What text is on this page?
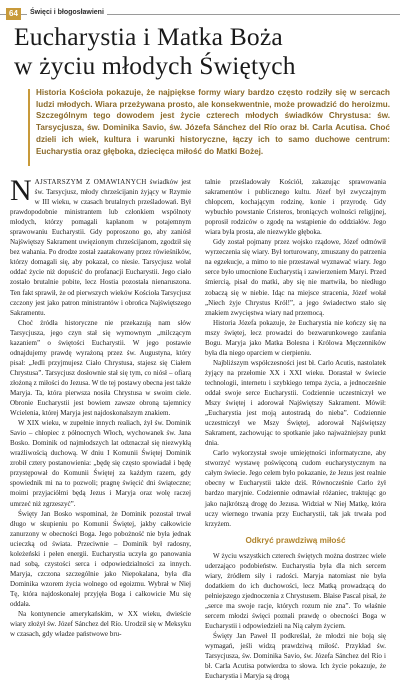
64	Święci i błogosławieni
Eucharystia i Matka Boża
w życiu młodych Świętych

Historia Kościoła pokazuje, że najpiękse formy wiary bardzo często rodziły się w sercach ludzi młodych. Wiara przeżywana prosto, ale konsekwentnie, może prowadzić do heroizmu. Szczególnym tego dowodem jest życie czterech młodych świadków Chrystusa: św. Tarsycjusza, św. Dominika Savio, św. Józefa Sánchez del Río oraz bł. Carla Acutisa. Choć dzieli ich wiek, kultura i warunki historyczne, łączy ich to samo duchowe centrum: Eucharystia oraz głęboka, dziecięca miłość do Matki Bożej.

NAJSTARSZYM Z OMAWIANYCH świadków jest św. Tarsycjusz, młody chrześcijanin żyjący w Rzymie w III wieku, w czasach brutalnych prześladowań. Był prawdopodobnie ministrantem lub członkiem wspólnoty młodych, którzy pomagali kapłanom w potajemnym sprawowaniu Eucharystii. Gdy poproszono go, aby zaniósł Najświętszy Sakrament uwięzionym chrześcijanom, zgodził się bez wahania. Po drodze został zaatakowany przez rówieśników, którzy domagali się, aby pokazał, co niesie. Tarsycjusz wolał oddać życie niż dopuścić do profanacji Eucharystii. Jego ciało zostało brutalnie pobite, lecz Hostia pozostała nienaruszona. Ten fakt sprawił, że od pierwszych wieków Kościoła Tarsycjusz czczony jest jako patron ministrantów i obrońca Najświętszego Sakramentu.

Choć źródła historyczne nie przekazują nam słów Tarsycjusza, jego czyn stał się wymownym „milczącym kazaniem” o świętości Eucharystii. W jego postawie odnajdujemy prawdę wyrażoną przez św. Augustyna, który pisał: „Jedli przyjmujesz Ciało Chrystusa, stajesz się Ciałem Chrystusa”. Tarsycjusz dosłownie stał się tym, co niósł – ofiarą złożoną z miłości do Jezusa. W tle tej postawy obecna jest także Maryja. Ta, która pierwsza nosiła Chrystusa w swoim ciele. Obronie Eucharystii jest bowiem zawsze obroną tajemnicy Wcielenia, której Maryja jest najdoskonalszym znakiem.

W XIX wieku, w zupełnie innych realiach, żył św. Dominik Savio – chłopiec z północnych Włoch, wychowanek św. Jana Bosko. Dominik od najmłodszych lat odznaczał się niezwykłą wrażliwością duchową. W dniu I Komunii Świętej Dominik zrobił cztery postanowienia: „będę się często spowiadał i będę przystępował do Komunii Świętej za każdym razem, gdy spowiednik mi na to pozwoli; pragnę święcić dni świąteczne; moimi przyjaciółmi będą Jezus i Maryja oraz wolę raczej umrzeć niż zgrzeszyć”.

Święty Jan Bosko wspominał, że Dominik pozostał trwał długo w skupieniu po Komunii Świętej, jakby całkowicie zanurzony w obecności Boga. Jego pobożność nie była jednak ucieczką od świata. Przeciwnie – Dominik był radosny, koleżeński i pełen energii. Eucharystia uczyła go panowania nad sobą, czystości serca i odpowiedzialności za innych. Maryja, czczona szczególnie jako Niepokalana, była dla Dominika wzorem życia wolnego od egoizmu. Wybrał w Niej Tę, która najdoskonalej przyjęła Boga i całkowicie Mu się oddała.

Na kontynencie amerykańskim, w XX wieku, dwieście wiary złożył św. Józef Sánchez del Río. Urodził się w Meksyku w czasach, gdy władze państwowe bru-

talnie prześladowały Kościół, zakazując sprawowania sakramentów i publicznego kultu. Józef był zwyczajnym chłopcem, kochającym rodzinę, konie i przyrodę. Gdy wybuchło powstanie Cristeros, broniących wolności religijnej, poprosił rodziców o zgodę na wstąpienie do oddziałów. Jego wiara była prosta, ale niezwykle głęboka.

Gdy został pojmany przez wojsko rządowe, Józef odmówił wyrzeczenia się wiary. Był torturowany, zmuszany do patrzenia na egzekucje, a mimo to nie przestawał wyznawać wiary. Jego serce było umocnione Eucharystią i zawierzeniem Maryi. Przed śmiercią, pisał do matki, aby się nie martwiła, bo niedługo zobaczą się w niebie. Idąc na miejsce stracenia, Józef wołał „Niech żyje Chrystus Król!”, a jego świadectwo stało się znakiem zwycięstwa wiary nad przemocą.

Historia Józefa pokazuje, że Eucharystia nie kończy się na mszy świętej, lecz prowadzi do bezwarunkowego zaufania Bogu. Maryja jako Matka Bolesna i Królowa Męczenników była dla niego oparciem w cierpieniu.

Najbliższym współczesności jest bł. Carlo Acutis, nastolatek żyjący na przełomie XX i XXI wieku. Dorastał w świecie technologii, internetu i szybkiego tempa życia, a jednocześnie oddał swoje serce Eucharystii. Codziennie uczestniczył we Mszy świętej i adorował Najświętszy Sakrament. Mówił: „Eucharystia jest moją autostradą do nieba”. Codziennie uczestniczył we Mszy Świętej, adorował Najświętszy Sakrament, zachowując to spotkanie jako najważniejszy punkt dnia.

Carlo wykorzystał swoje umiejętności informatyczne, aby stworzyć wystawę poświęconą cudom eucharystycznym na całym świecie. Jego celem było pokazanie, że Jezus jest realnie obecny w Eucharystii także dziś. Równocześnie Carlo żył bardzo maryjnie. Codziennie odmawiał różaniec, traktując go jako najkrótszą drogę do Jezusa. Widział w Niej Matkę, która uczy wiernego trwania przy Eucharystii, tak jak trwała pod krzyżem.

Odkryć prawdziwą miłość

W życiu wszystkich czterech świętych można dostrzec wiele uderzająco podobieństw. Eucharystia była dla nich sercem wiary, źródłem siły i radości. Maryja natomiast nie była dodatkiem do ich duchowości, lecz Matką prowadzącą do pełniejszego zjednoczenia z Chrystusem. Blaise Pascal pisał, że „serce ma swoje racje, których rozum nie zna”. To właśnie sercem młodzi święci poznali prawdę o obecności Boga w Eucharystii i odpowiedzieli na Nią całym życiem.

Święty Jan Paweł II podkreślał, że młodzi nie boją się wymagań, jeśli widzą prawdziwą miłość. Przykład św. Tarsycjusza, św. Dominika Savio, św. Józefa Sánchez del Río i bł. Carla Acutisa potwierdza to słowa. Ich życie pokazuje, że Eucharystia i Maryja są drogą
